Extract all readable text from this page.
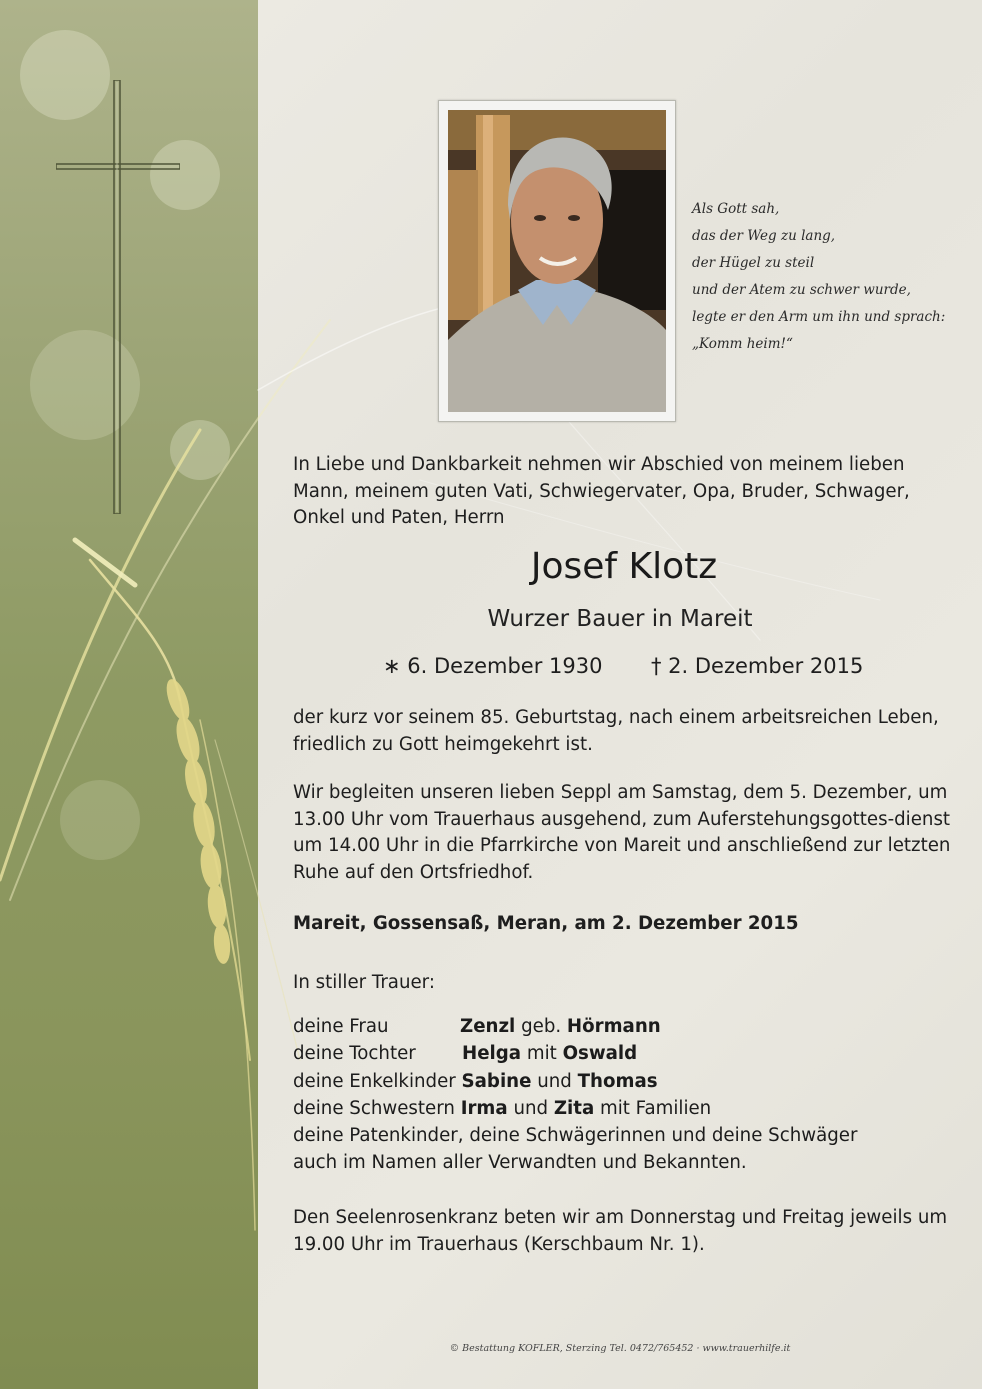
Als Gott sah,
das der Weg zu lang,
der Hügel zu steil
und der Atem zu schwer wurde,
legte er den Arm um ihn und sprach:
„Komm heim!“
In Liebe und Dankbarkeit nehmen wir Abschied von meinem lieben Mann, meinem guten Vati, Schwiegervater, Opa, Bruder, Schwager, Onkel und Paten, Herrn
Josef Klotz
Wurzer Bauer in Mareit
∗ 6. Dezember 1930 † 2. Dezember 2015
der kurz vor seinem 85. Geburtstag, nach einem arbeitsreichen Leben, friedlich zu Gott heimgekehrt ist.
Wir begleiten unseren lieben Seppl am Samstag, dem 5. Dezember, um 13.00 Uhr vom Trauerhaus ausgehend, zum Auferstehungsgottes-dienst um 14.00 Uhr in die Pfarrkirche von Mareit und anschließend zur letzten Ruhe auf den Ortsfriedhof.
Mareit, Gossensaß, Meran, am 2. Dezember 2015
In stiller Trauer:
deine Frau	Zenzl geb. Hörmann
deine Tochter	Helga mit Oswald
deine Enkelkinder Sabine und Thomas
deine Schwestern Irma und Zita mit Familien
deine Patenkinder, deine Schwägerinnen und deine Schwäger
auch im Namen aller Verwandten und Bekannten.
Den Seelenrosenkranz beten wir am Donnerstag und Freitag jeweils um 19.00 Uhr im Trauerhaus (Kerschbaum Nr. 1).
© Bestattung KOFLER, Sterzing Tel. 0472/765452 · www.trauerhilfe.it
